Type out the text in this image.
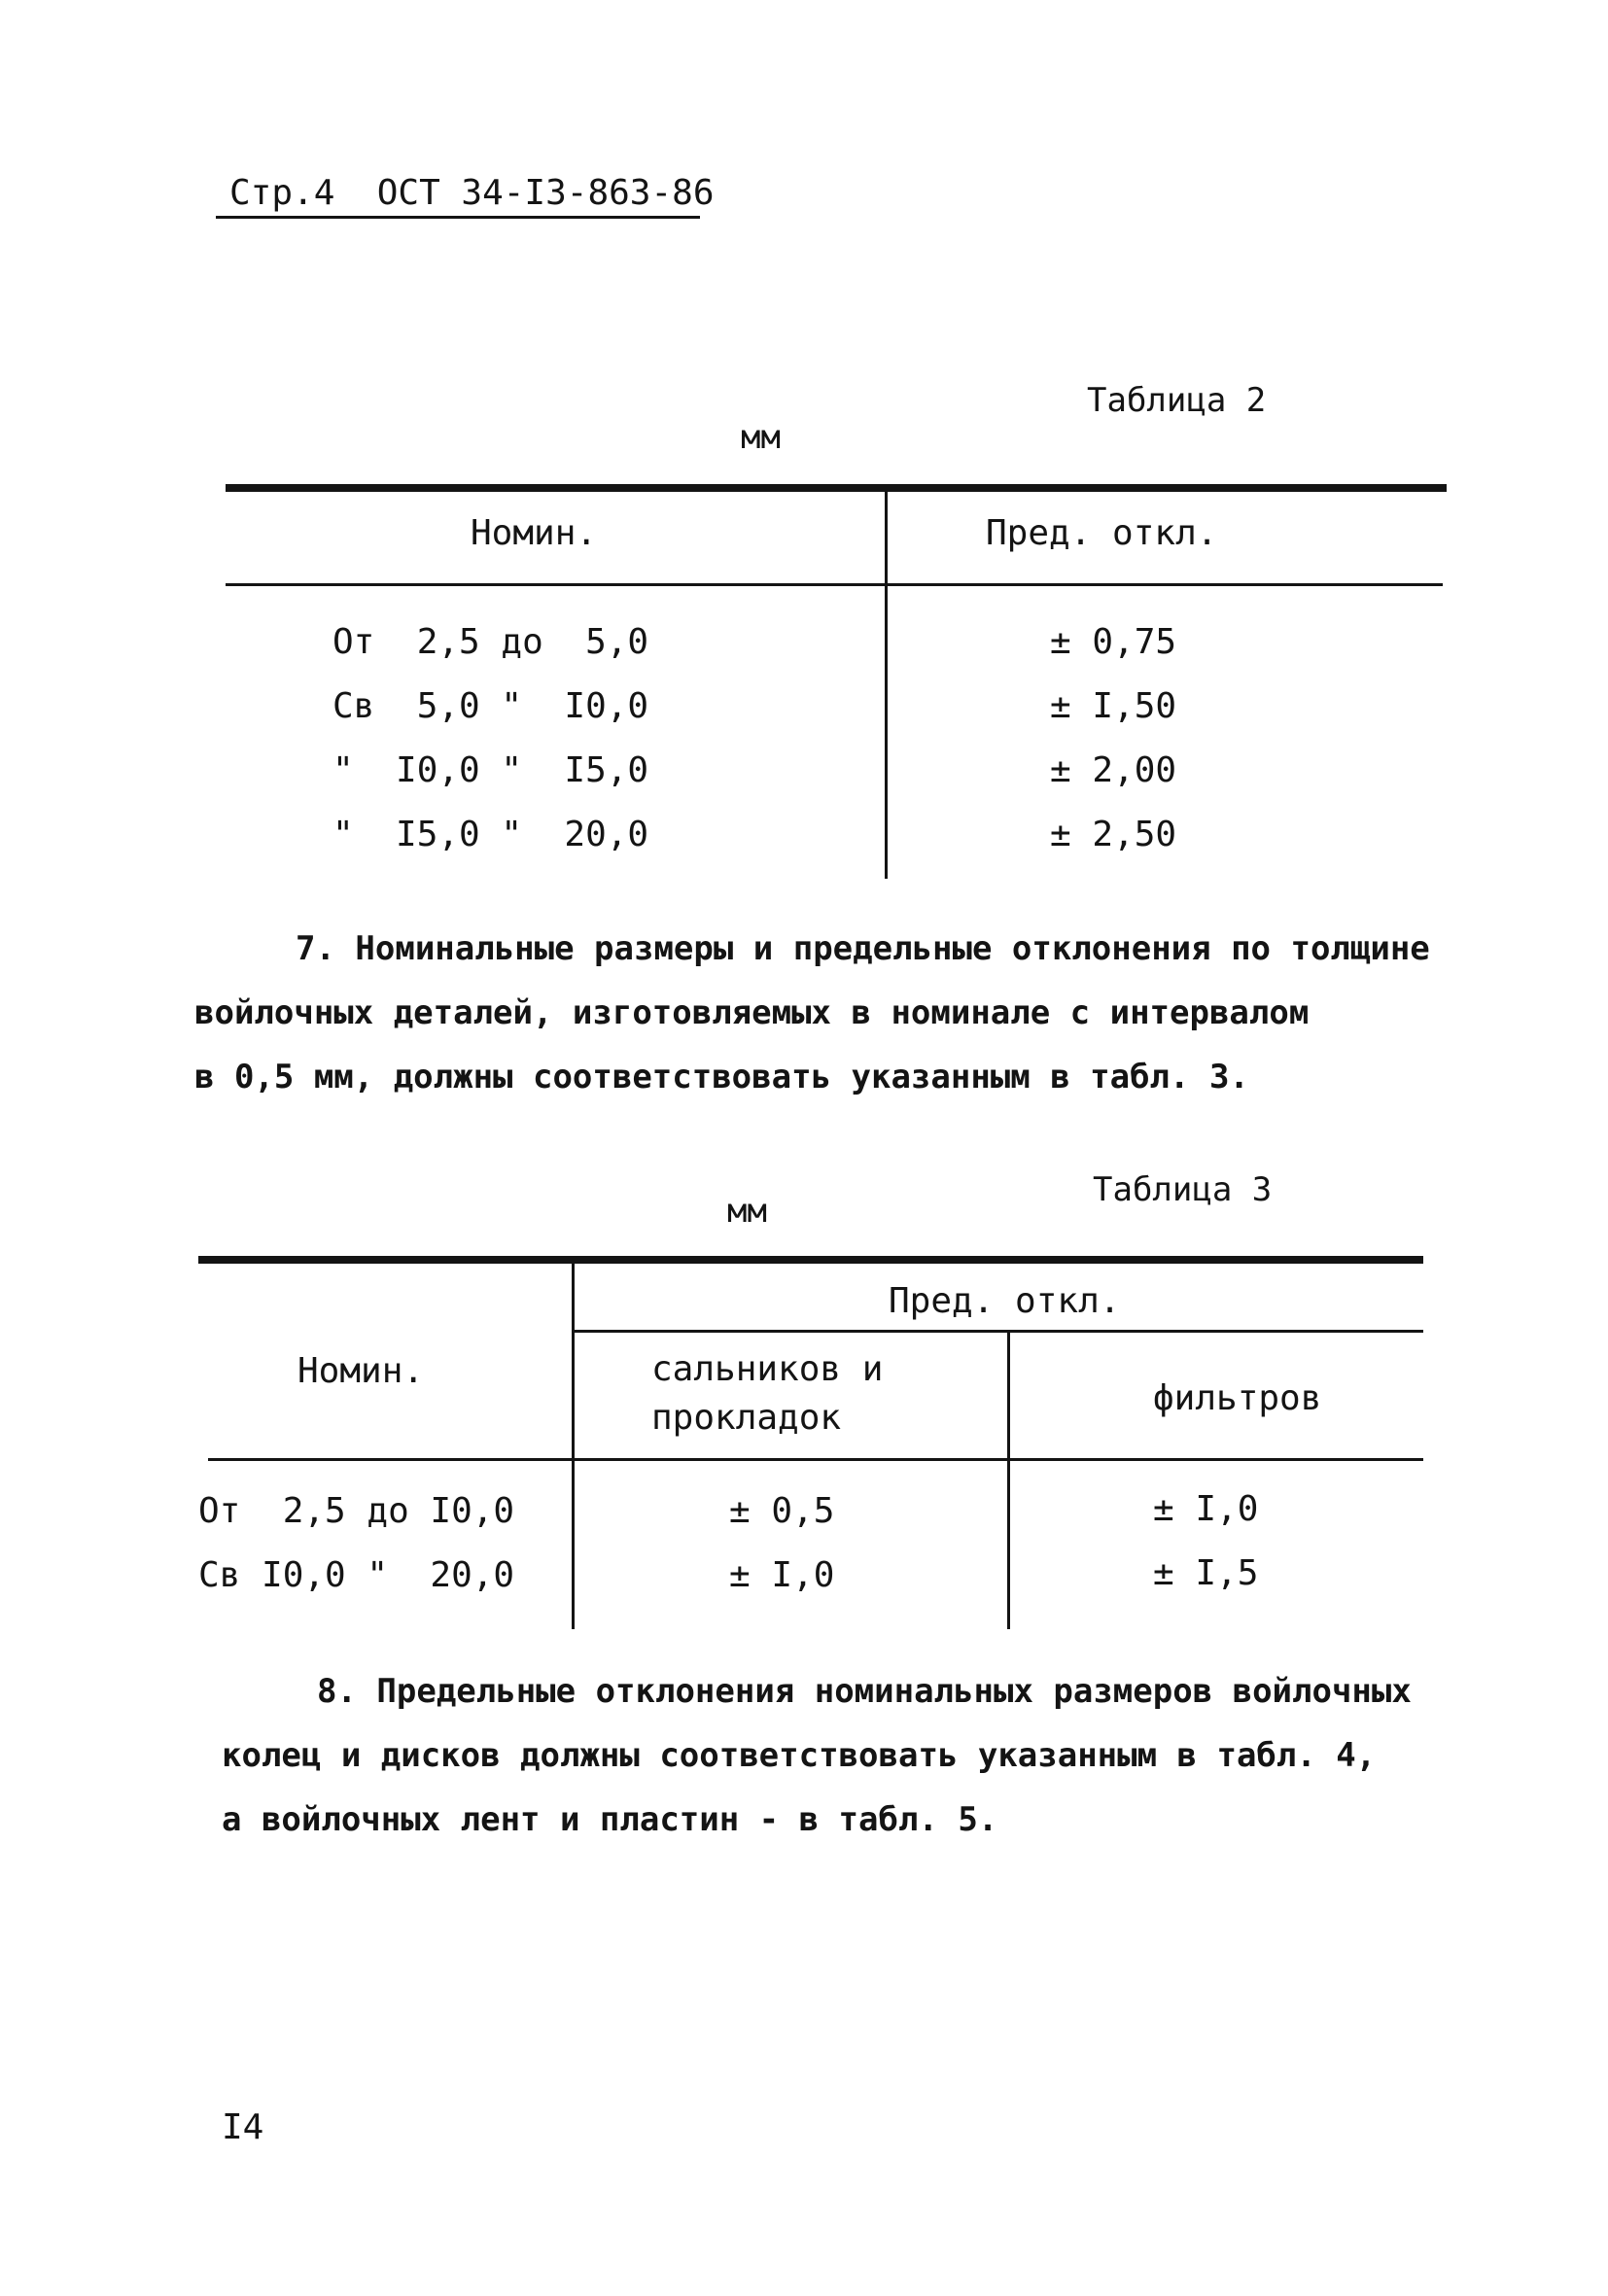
Стр.4  ОСТ 34-I3-863-86
Таблица 2
мм
Номин.	Пред. откл.
От  2,5 до  5,0
Св  5,0 "  I0,0
"  I0,0 "  I5,0
"  I5,0 "  20,0
± 0,75
± I,50
± 2,00
± 2,50
7. Номинальные размеры и предельные отклонения по толщине
войлочных деталей, изготовляемых в номинале с интервалом
в 0,5 мм, должны соответствовать указанным в табл. 3.
Таблица 3
мм
Номин.
Пред. откл.
сальников и
прокладок	фильтров
От  2,5 до I0,0
Св I0,0 "  20,0
± 0,5
± I,0
± I,0
± I,5
8. Предельные отклонения номинальных размеров войлочных
колец и дисков должны соответствовать указанным в табл. 4,
а войлочных лент и пластин - в табл. 5.
I4
